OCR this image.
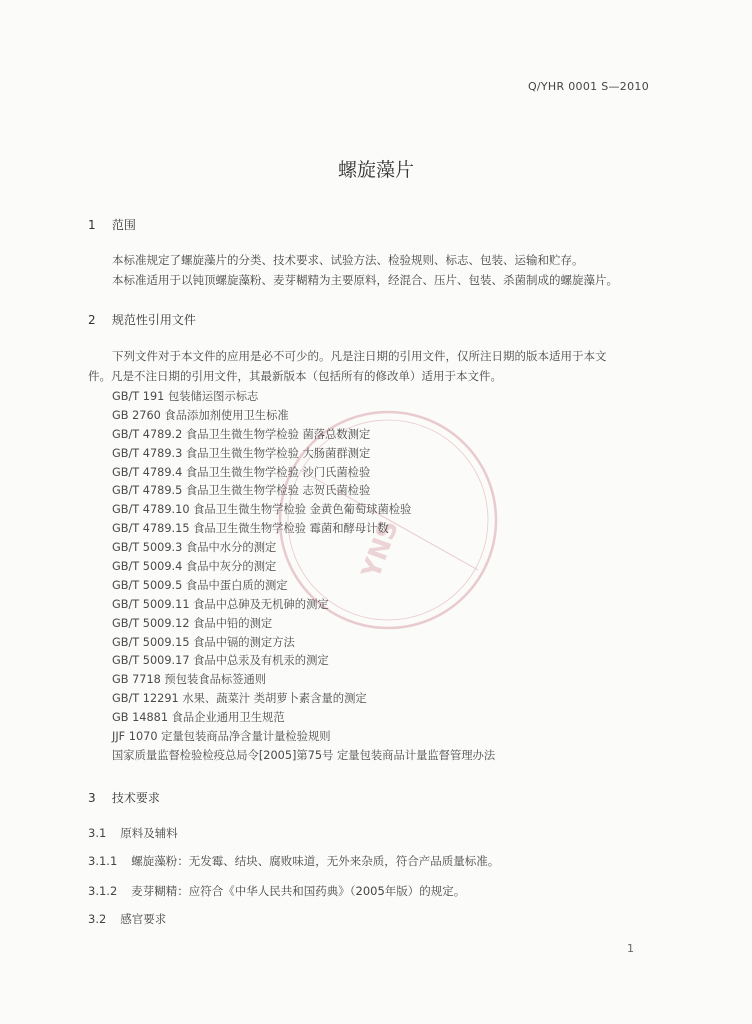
YNS
Q/YHR 0001 S—2010
螺旋藻片
1 范围
本标准规定了螺旋藻片的分类、技术要求、试验方法、检验规则、标志、包装、运输和贮存。
本标准适用于以钝顶螺旋藻粉、麦芽糊精为主要原料，经混合、压片、包装、杀菌制成的螺旋藻片。
2 规范性引用文件
下列文件对于本文件的应用是必不可少的。凡是注日期的引用文件，仅所注日期的版本适用于本文
件。凡是不注日期的引用文件，其最新版本（包括所有的修改单）适用于本文件。
GB/T 191 包装储运图示标志
GB 2760 食品添加剂使用卫生标准
GB/T 4789.2 食品卫生微生物学检验 菌落总数测定
GB/T 4789.3 食品卫生微生物学检验 大肠菌群测定
GB/T 4789.4 食品卫生微生物学检验 沙门氏菌检验
GB/T 4789.5 食品卫生微生物学检验 志贺氏菌检验
GB/T 4789.10 食品卫生微生物学检验 金黄色葡萄球菌检验
GB/T 4789.15 食品卫生微生物学检验 霉菌和酵母计数
GB/T 5009.3 食品中水分的测定
GB/T 5009.4 食品中灰分的测定
GB/T 5009.5 食品中蛋白质的测定
GB/T 5009.11 食品中总砷及无机砷的测定
GB/T 5009.12 食品中铅的测定
GB/T 5009.15 食品中镉的测定方法
GB/T 5009.17 食品中总汞及有机汞的测定
GB 7718 预包装食品标签通则
GB/T 12291 水果、蔬菜汁 类胡萝卜素含量的测定
GB 14881 食品企业通用卫生规范
JJF 1070 定量包装商品净含量计量检验规则
国家质量监督检验检疫总局令[2005]第75号 定量包装商品计量监督管理办法
3 技术要求
3.1 原料及辅料
3.1.1 螺旋藻粉：无发霉、结块、腐败味道，无外来杂质，符合产品质量标准。
3.1.2 麦芽糊精：应符合《中华人民共和国药典》（2005年版）的规定。
3.2 感官要求
1
